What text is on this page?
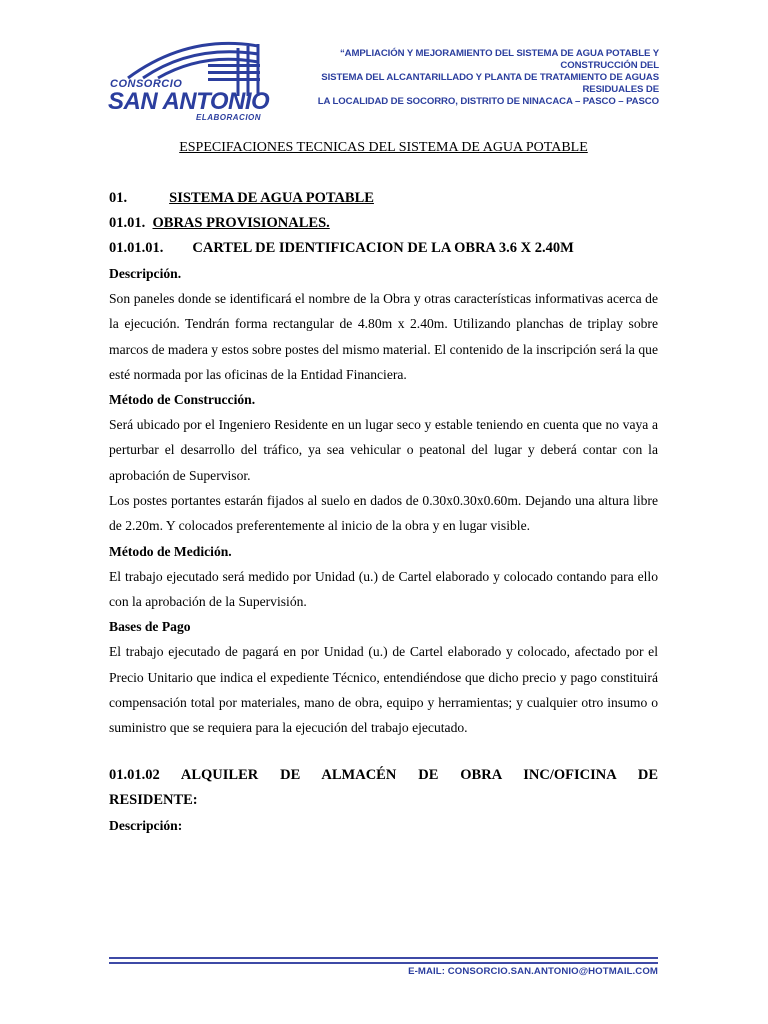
CONSORCIO
SAN ANTONIO
ELABORACION
“AMPLIACIÓN Y MEJORAMIENTO DEL SISTEMA DE AGUA POTABLE Y CONSTRUCCIÓN DEL
SISTEMA DEL ALCANTARILLADO Y PLANTA DE TRATAMIENTO DE AGUAS RESIDUALES DE
LA LOCALIDAD DE SOCORRO, DISTRITO DE NINACACA – PASCO – PASCO
ESPECIFACIONES TECNICAS DEL SISTEMA DE AGUA POTABLE
01.	SISTEMA DE AGUA POTABLE
01.01. OBRAS PROVISIONALES.
01.01.01. CARTEL DE IDENTIFICACION DE LA OBRA 3.6 X 2.40M
Descripción.

Son paneles donde se identificará el nombre de la Obra y otras características informativas acerca de la ejecución. Tendrán forma rectangular de 4.80m x 2.40m. Utilizando planchas de triplay sobre marcos de madera y estos sobre postes del mismo material. El contenido de la inscripción será la que esté normada por las oficinas de la Entidad Financiera.

Método de Construcción.

Será ubicado por el Ingeniero Residente en un lugar seco y estable teniendo en cuenta que no vaya a perturbar el desarrollo del tráfico, ya sea vehicular o peatonal del lugar y deberá contar con la aprobación de Supervisor.

Los postes portantes estarán fijados al suelo en dados de 0.30x0.30x0.60m. Dejando una altura libre de 2.20m. Y colocados preferentemente al inicio de la obra y en lugar visible.

Método de Medición.

El trabajo ejecutado será medido por Unidad (u.) de Cartel elaborado y colocado contando para ello con la aprobación de la Supervisión.

Bases de Pago

El trabajo ejecutado de pagará en por Unidad (u.) de Cartel elaborado y colocado, afectado por el Precio Unitario que indica el expediente Técnico, entendiéndose que dicho precio y pago constituirá compensación total por materiales, mano de obra, equipo y herramientas; y cualquier otro insumo o suministro que se requiera para la ejecución del trabajo ejecutado.

01.01.02 ALQUILER DE ALMACÉN DE OBRA INC/OFICINA DE
RESIDENTE:
Descripción:
E-MAIL: CONSORCIO.SAN.ANTONIO@HOTMAIL.COM
